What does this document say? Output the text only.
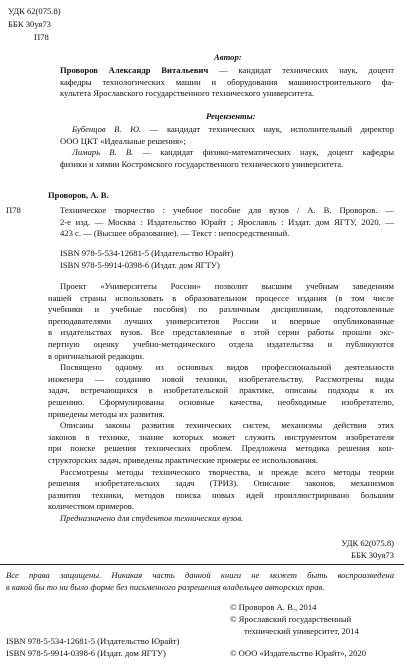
УДК 62(075.8)
ББК 30уя73
П78
Автор:
Проворов Александр Витальевич — кандидат технических наук, доцент
кафедры технологических машин и оборудования машиностроительного фа-
культета Ярославского государственного технического университета.
Рецензенты:
Бубенцов В. Ю. — кандидат технических наук, исполнительный директор
ООО ЦКТ «Идеальные решения»;
Лимарь В. В. — кандидат физико-математических наук, доцент кафедры
физики и химии Костромского государственного технического университета.
П78
Проворов, А. В.
Техническое творчество : учебное пособие для вузов / А. В. Проворов. —
2-е изд. — Москва : Издательство Юрайт ; Ярославль : Издат. дом ЯГТУ, 2020. —
423 с. — (Высшее образование). — Текст : непосредственный.
ISBN 978-5-534-12681-5 (Издательство Юрайт)
ISBN 978-5-9914-0398-6 (Издат. дом ЯГТУ)
Проект «Университеты России» позволит высшим учебным заведениям
нашей страны использовать в образовательном процессе издания (в том числе
учебники и учебные пособия) по различным дисциплинам, подготовленные
преподавателями лучших университетов России и впервые опубликованные
в издательствах вузов. Все представленные в этой серии работы прошли экс-
пертную оценку учебно-методического отдела издательства и публикуются
в оригинальной редакции.
Посвящено одному из основных видов профессиональной деятельности
инженера — созданию новой техники, изобретательству. Рассмотрены виды
задач, встречающихся в изобретательской практике, описаны подходы к их
решению. Сформулированы основные качества, необходимые изобретателю,
приведены методы их развития.
Описаны законы развития технических систем, механизмы действия этих
законов в технике, знание которых может служить инструментом изобретателя
при поиске решения технических проблем. Предложена методика решения кон-
структорских задач, приведены практические примеры ее использования.
Рассмотрены методы технического творчества, и прежде всего методы теории
решения изобретательских задач (ТРИЗ). Описание законов, механизмов
развития техники, методов поиска новых идей проиллюстрировано большим
количеством примеров.
Предназначено для студентов технических вузов.
УДК 62(075.8)
ББК 30уя73
Все права защищены. Никакая часть данной книги не может быть воспроизведена
в какой бы то ни было форме без письменного разрешения владельцев авторских прав.
© Проворов А. В., 2014
© Ярославский государственный
технический университет, 2014
© ООО «Издательство Юрайт», 2020
ISBN 978-5-534-12681-5 (Издательство Юрайт)
ISBN 978-5-9914-0398-6 (Издат. дом ЯГТУ)
